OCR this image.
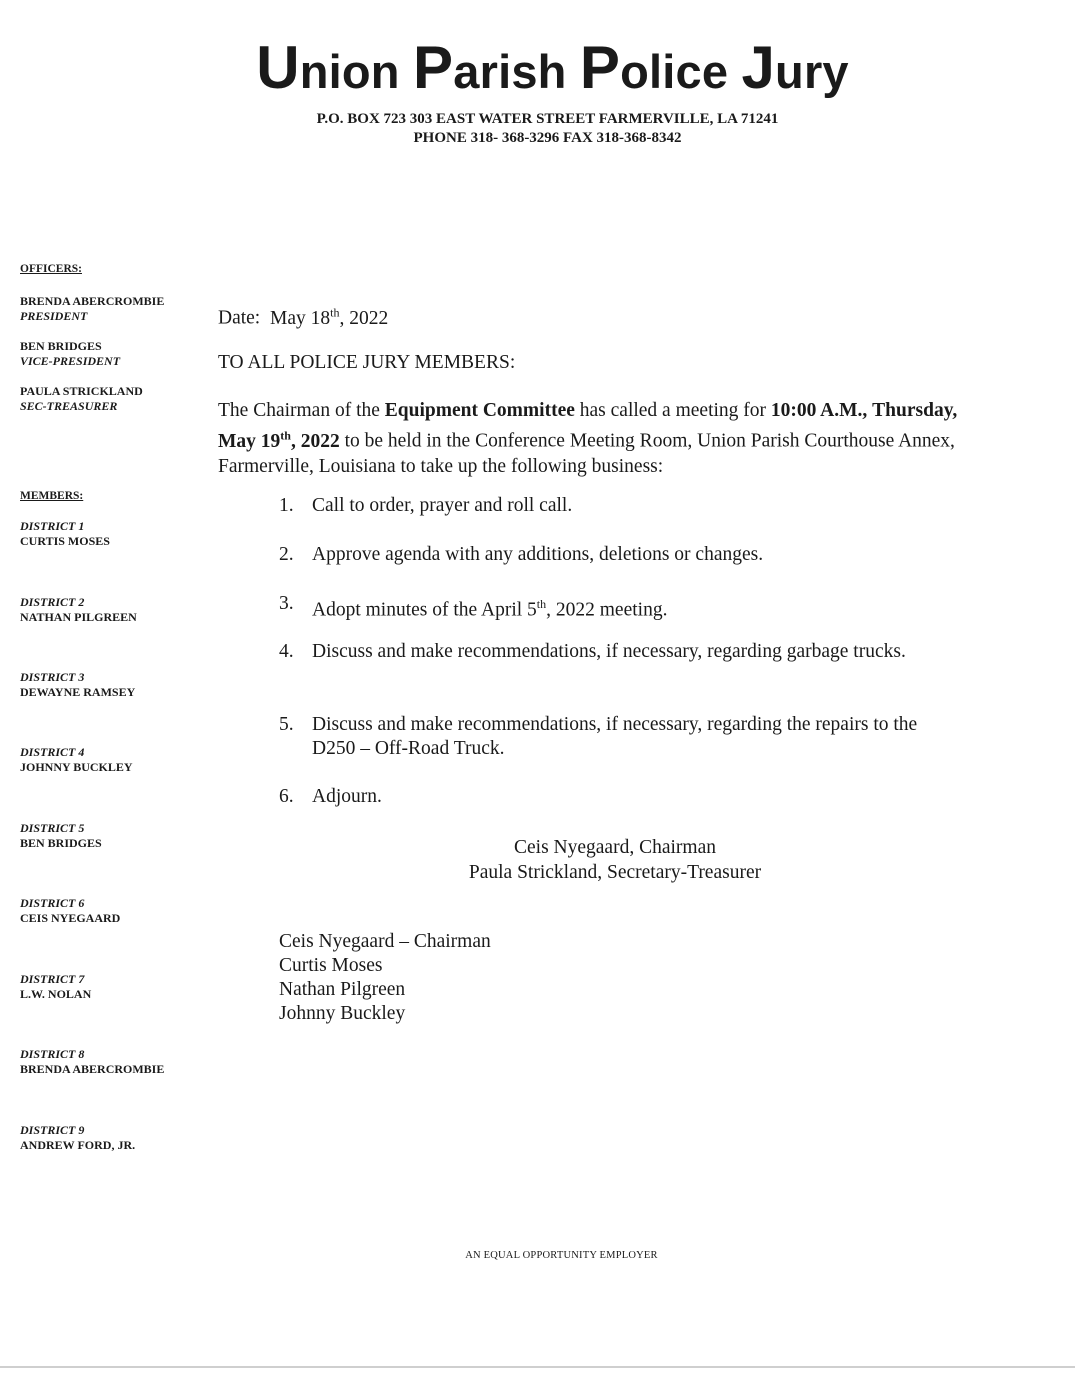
Union Parish Police Jury
P.O. BOX 723 303 EAST WATER STREET FARMERVILLE, LA 71241
PHONE 318- 368-3296 FAX 318-368-8342
OFFICERS:
BRENDA ABERCROMBIE
PRESIDENT
BEN BRIDGES
VICE-PRESIDENT
PAULA STRICKLAND
SEC-TREASURER
MEMBERS:
DISTRICT 1
CURTIS MOSES
DISTRICT 2
NATHAN PILGREEN
DISTRICT 3
DEWAYNE RAMSEY
DISTRICT 4
JOHNNY BUCKLEY
DISTRICT 5
BEN BRIDGES
DISTRICT 6
CEIS NYEGAARD
DISTRICT 7
L.W. NOLAN
DISTRICT 8
BRENDA ABERCROMBIE
DISTRICT 9
ANDREW FORD, JR.
Date: May 18th, 2022
TO ALL POLICE JURY MEMBERS:
The Chairman of the Equipment Committee has called a meeting for 10:00 A.M., Thursday, May 19th, 2022 to be held in the Conference Meeting Room, Union Parish Courthouse Annex, Farmerville, Louisiana to take up the following business:
1. Call to order, prayer and roll call.
2. Approve agenda with any additions, deletions or changes.
3. Adopt minutes of the April 5th, 2022 meeting.
4. Discuss and make recommendations, if necessary, regarding garbage trucks.
5. Discuss and make recommendations, if necessary, regarding the repairs to the D250 – Off-Road Truck.
6. Adjourn.
Ceis Nyegaard, Chairman
Paula Strickland, Secretary-Treasurer
Ceis Nyegaard – Chairman
Curtis Moses
Nathan Pilgreen
Johnny Buckley
AN EQUAL OPPORTUNITY EMPLOYER
